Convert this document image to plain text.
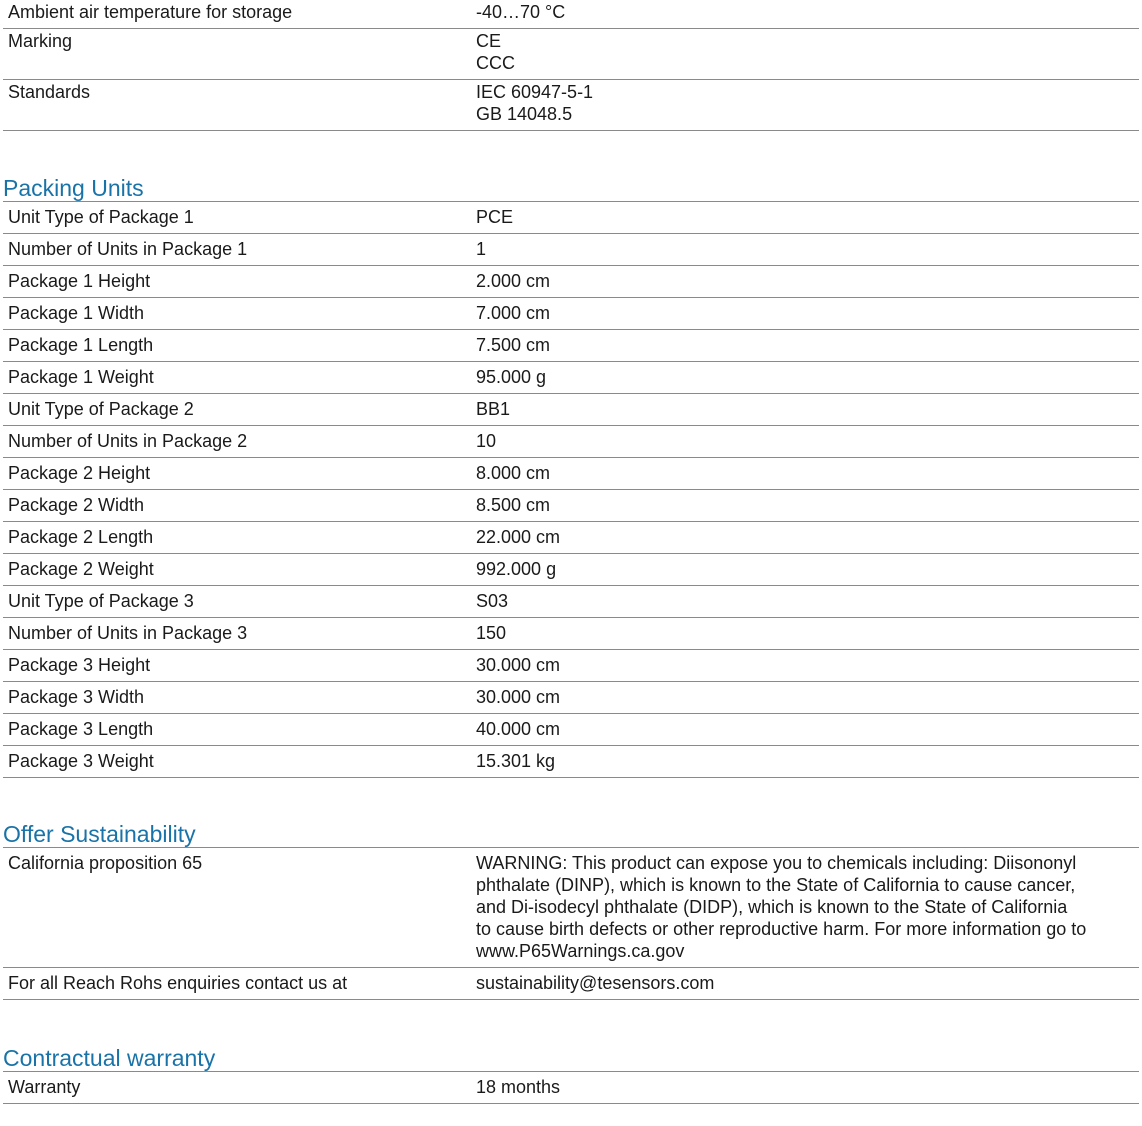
Ambient air temperature for storage	-40…70 °C

Marking	CE
CCC

Standards	IEC 60947-5-1
GB 14048.5
Packing Units
Unit Type of Package 1	PCE
Number of Units in Package 1	1
Package 1 Height	2.000 cm
Package 1 Width	7.000 cm
Package 1 Length	7.500 cm
Package 1 Weight	95.000 g
Unit Type of Package 2	BB1
Number of Units in Package 2	10
Package 2 Height	8.000 cm
Package 2 Width	8.500 cm
Package 2 Length	22.000 cm
Package 2 Weight	992.000 g
Unit Type of Package 3	S03
Number of Units in Package 3	150
Package 3 Height	30.000 cm
Package 3 Width	30.000 cm
Package 3 Length	40.000 cm
Package 3 Weight	15.301 kg
Offer Sustainability
California proposition 65	WARNING: This product can expose you to chemicals including: Diisononyl
phthalate (DINP), which is known to the State of California to cause cancer,
and Di-isodecyl phthalate (DIDP), which is known to the State of California
to cause birth defects or other reproductive harm. For more information go to
www.P65Warnings.ca.gov

For all Reach Rohs enquiries contact us at	sustainability@tesensors.com
Contractual warranty
Warranty	18 months
